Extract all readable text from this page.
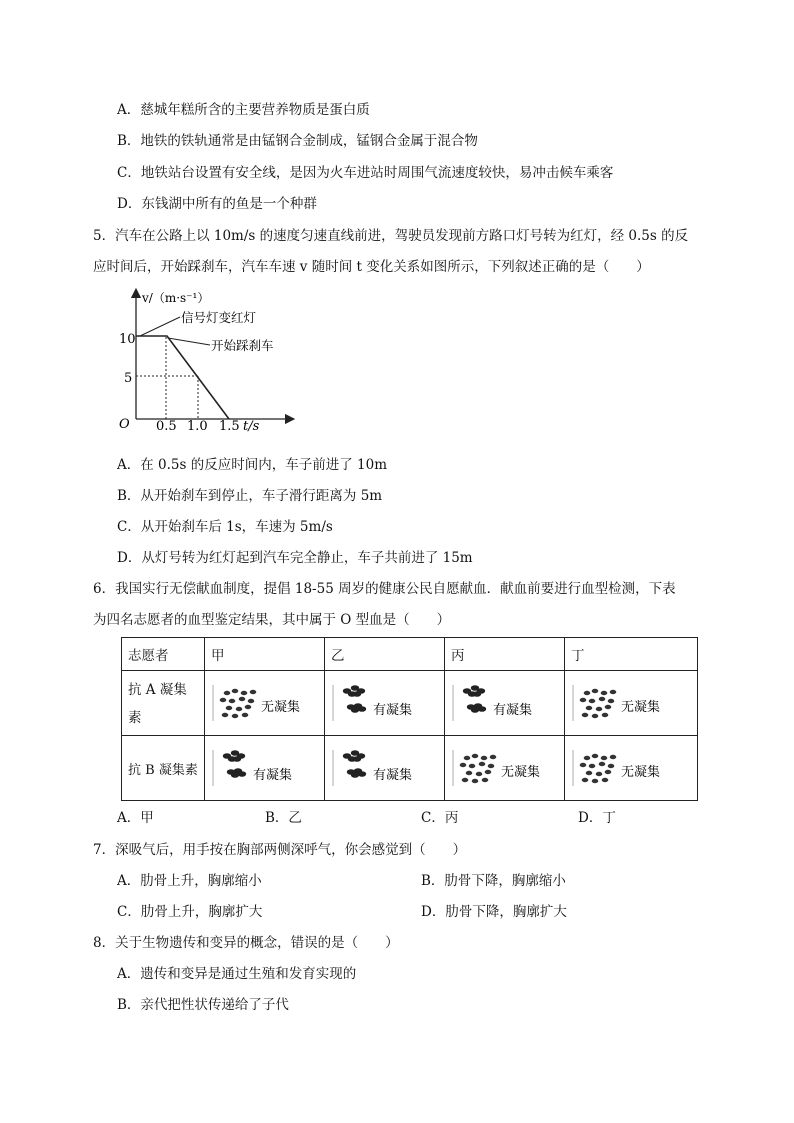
A．慈城年糕所含的主要营养物质是蛋白质
B．地铁的铁轨通常是由锰钢合金制成，锰钢合金属于混合物
C．地铁站台设置有安全线，是因为火车进站时周围气流速度较快，易冲击候车乘客
D．东钱湖中所有的鱼是一个种群
5．汽车在公路上以 10m/s 的速度匀速直线前进，驾驶员发现前方路口灯号转为红灯，经 0.5s 的反
应时间后，开始踩刹车，汽车车速 v 随时间 t 变化关系如图所示，下列叙述正确的是（　　）
v/（m·s⁻¹）
信号灯变红灯
开始踩刹车
10
5
O 0.5 1.0 1.5 t/s
A．在 0.5s 的反应时间内，车子前进了 10m
B．从开始刹车到停止，车子滑行距离为 5m
C．从开始刹车后 1s，车速为 5m/s
D．从灯号转为红灯起到汽车完全静止，车子共前进了 15m
6．我国实行无偿献血制度，提倡 18-55 周岁的健康公民自愿献血．献血前要进行血型检测，下表
为四名志愿者的血型鉴定结果，其中属于 O 型血是（　　）
志愿者	甲	乙	丙	丁

抗 A 凝集
素	无凝集	有凝集	有凝集	无凝集

抗 B 凝集素	有凝集	有凝集	无凝集	无凝集
A．甲	B．乙	C．丙	D．丁
7．深吸气后，用手按在胸部两侧深呼气，你会感觉到（　　）
A．肋骨上升，胸廓缩小	B．肋骨下降，胸廓缩小
C．肋骨上升，胸廓扩大	D．肋骨下降，胸廓扩大
8．关于生物遗传和变异的概念，错误的是（　　）
A．遗传和变异是通过生殖和发育实现的
B．亲代把性状传递给了子代
